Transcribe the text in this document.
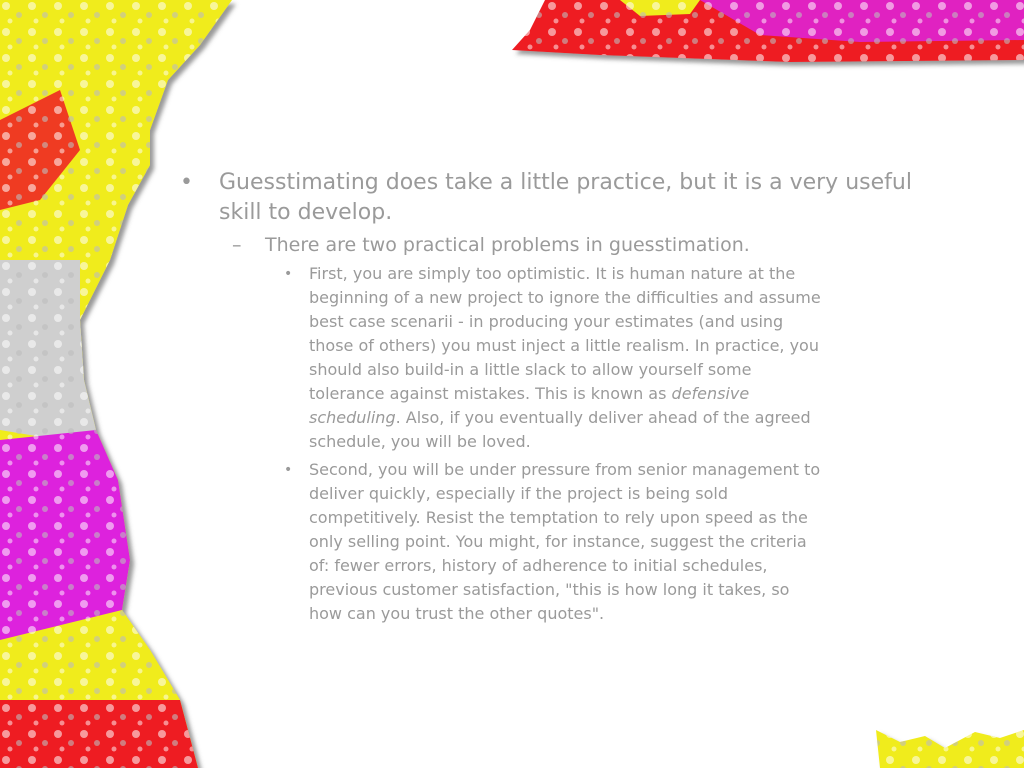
• Guesstimating does take a little practice, but it is a very useful skill to develop.

– There are two practical problems in guesstimation.

• First, you are simply too optimistic. It is human nature at the beginning of a new project to ignore the difficulties and assume best case scenarii - in producing your estimates (and using those of others) you must inject a little realism. In practice, you should also build-in a little slack to allow yourself some tolerance against mistakes. This is known as defensive scheduling. Also, if you eventually deliver ahead of the agreed schedule, you will be loved.

• Second, you will be under pressure from senior management to deliver quickly, especially if the project is being sold competitively. Resist the temptation to rely upon speed as the only selling point. You might, for instance, suggest the criteria of: fewer errors, history of adherence to initial schedules, previous customer satisfaction, "this is how long it takes, so how can you trust the other quotes".
